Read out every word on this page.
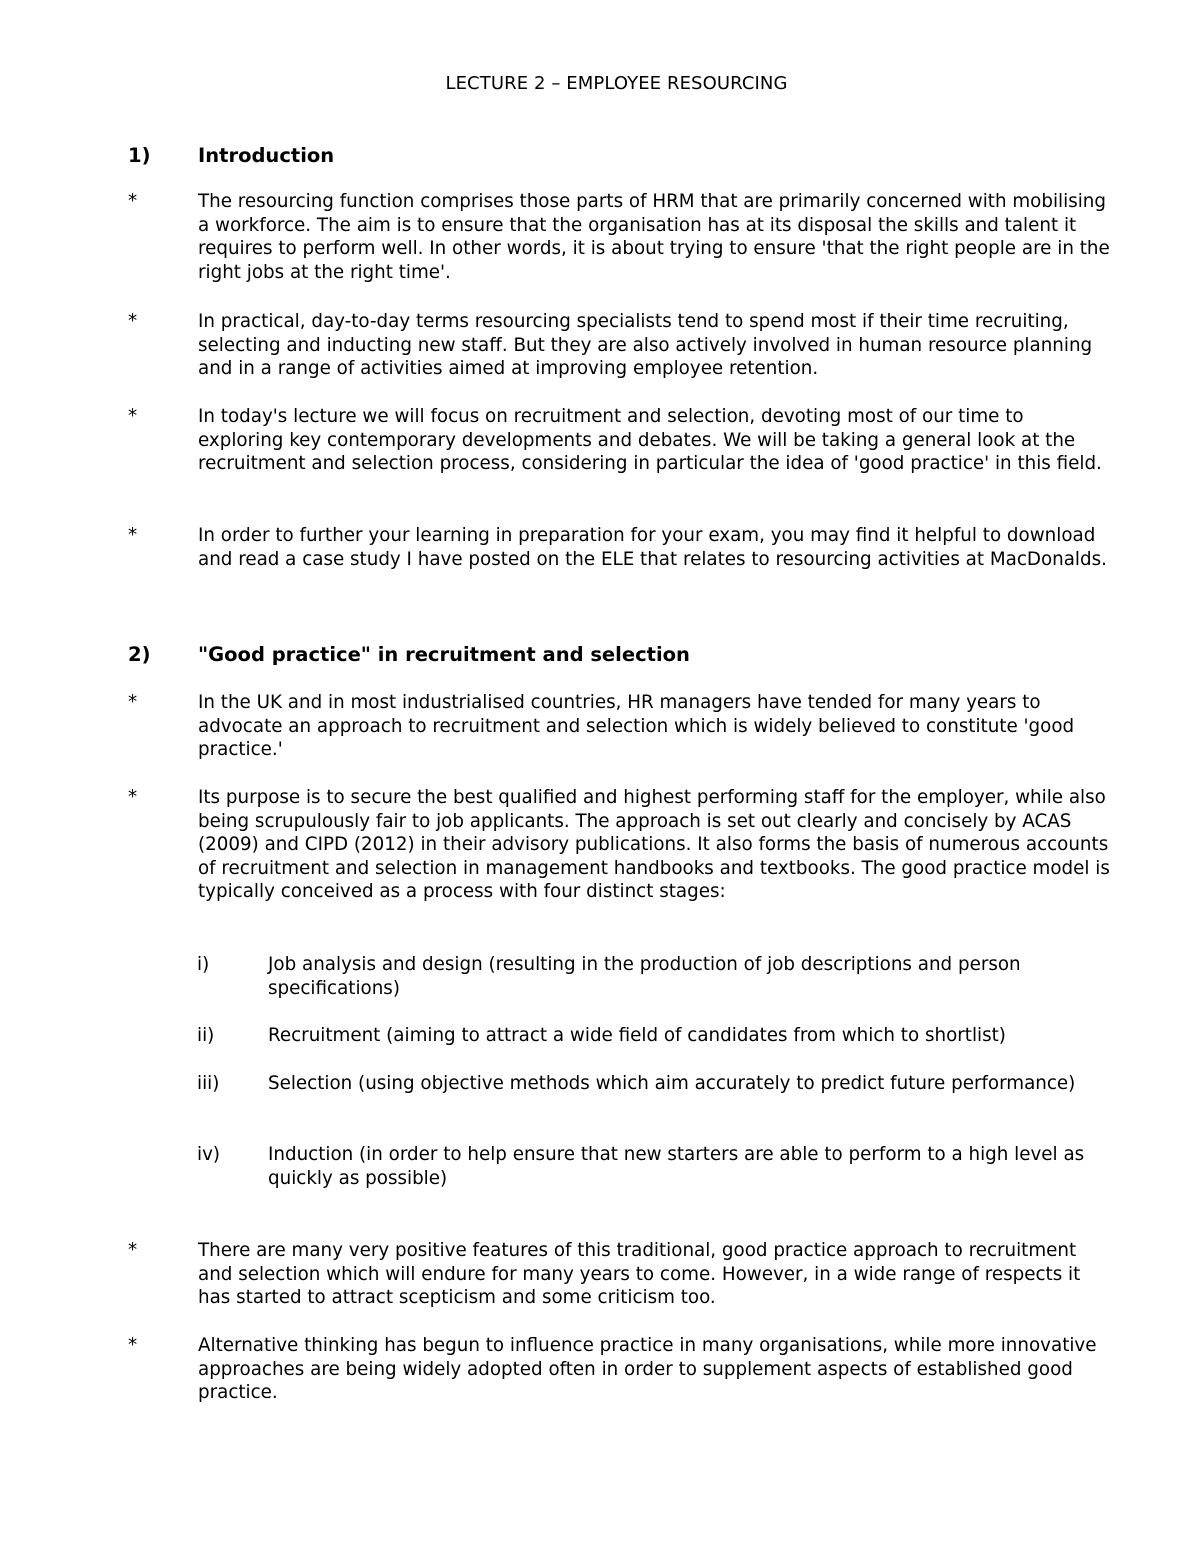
LECTURE 2 – EMPLOYEE RESOURCING
1) Introduction
*	The resourcing function comprises those parts of HRM that are primarily concerned with mobilising a workforce. The aim is to ensure that the organisation has at its disposal the skills and talent it requires to perform well. In other words, it is about trying to ensure 'that the right people are in the right jobs at the right time'.
*	In practical, day-to-day terms resourcing specialists tend to spend most if their time recruiting, selecting and inducting new staff. But they are also actively involved in human resource planning and in a range of activities aimed at improving employee retention.
*	In today's lecture we will focus on recruitment and selection, devoting most of our time to exploring key contemporary developments and debates. We will be taking a general look at the recruitment and selection process, considering in particular the idea of 'good practice' in this field.
*	In order to further your learning in preparation for your exam, you may find it helpful to download and read a case study I have posted on the ELE that relates to resourcing activities at MacDonalds.
2) "Good practice" in recruitment and selection
*	In the UK and in most industrialised countries, HR managers have tended for many years to advocate an approach to recruitment and selection which is widely believed to constitute 'good practice.'
*	Its purpose is to secure the best qualified and highest performing staff for the employer, while also being scrupulously fair to job applicants. The approach is set out clearly and concisely by ACAS (2009) and CIPD (2012) in their advisory publications. It also forms the basis of numerous accounts of recruitment and selection in management handbooks and textbooks. The good practice model is typically conceived as a process with four distinct stages:
i)	Job analysis and design (resulting in the production of job descriptions and person specifications)
ii)	Recruitment (aiming to attract a wide field of candidates from which to shortlist)
iii)	Selection (using objective methods which aim accurately to predict future performance)
iv)	Induction (in order to help ensure that new starters are able to perform to a high level as quickly as possible)
*	There are many very positive features of this traditional, good practice approach to recruitment and selection which will endure for many years to come. However, in a wide range of respects it has started to attract scepticism and some criticism too.
*	Alternative thinking has begun to influence practice in many organisations, while more innovative approaches are being widely adopted often in order to supplement aspects of established good practice.
